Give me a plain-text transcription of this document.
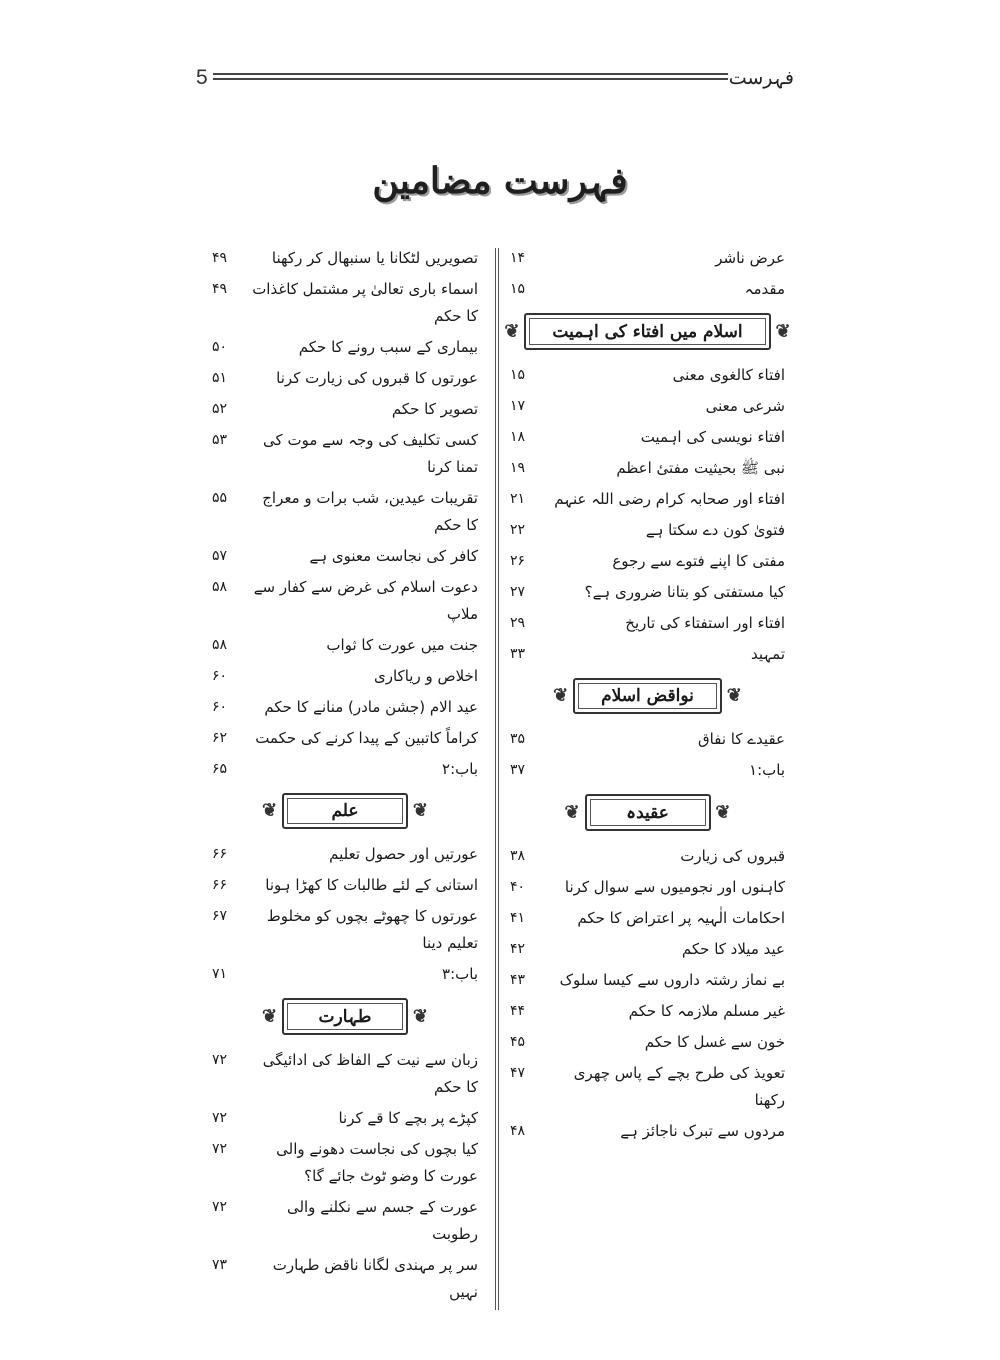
5	فہرست
فہرست مضامین
عرض ناشر
۱۴
مقدمہ
۱۵
❦
اسلام میں افتاء کی اہمیت
❦
افتاء کالغوی معنی
۱۵
شرعی معنی
۱۷
افتاء نویسی کی اہمیت
۱۸
نبی ﷺ بحیثیت مفتیٔ اعظم
۱۹
افتاء اور صحابہ کرام رضی اللہ عنہم
۲۱
فتویٰ کون دے سکتا ہے
۲۲
مفتی کا اپنے فتوے سے رجوع
۲۶
کیا مستفتی کو بتانا ضروری ہے؟
۲۷
افتاء اور استفتاء کی تاریخ
۲۹
تمہید
۳۳
❦
نواقض اسلام
❦
عقیدے کا نفاق
۳۵
باب:۱
۳۷
❦
عقیدہ
❦
قبروں کی زیارت
۳۸
کاہنوں اور نجومیوں سے سوال کرنا
۴۰
احکامات الٰہیہ پر اعتراض کا حکم
۴۱
عید میلاد کا حکم
۴۲
بے نماز رشتہ داروں سے کیسا سلوک
۴۳
غیر مسلم ملازمہ کا حکم
۴۴
خون سے غسل کا حکم
۴۵
تعویذ کی طرح بچے کے پاس چھری رکھنا
۴۷
مردوں سے تبرک ناجائز ہے
۴۸
تصویریں لٹکانا یا سنبھال کر رکھنا
۴۹
اسماء باری تعالیٰ پر مشتمل کاغذات کا حکم
۴۹
بیماری کے سبب رونے کا حکم
۵۰
عورتوں کا قبروں کی زیارت کرنا
۵۱
تصویر کا حکم
۵۲
کسی تکلیف کی وجہ سے موت کی تمنا کرنا
۵۳
تقریبات عیدین، شب برات و معراج کا حکم
۵۵
کافر کی نجاست معنوی ہے
۵۷
دعوت اسلام کی غرض سے کفار سے ملاپ
۵۸
جنت میں عورت کا ثواب
۵۸
اخلاص و ریاکاری
۶۰
عید الام (جشن مادر) منانے کا حکم
۶۰
کراماً کاتبین کے پیدا کرنے کی حکمت
۶۲
باب:۲
۶۵
❦
علم
❦
عورتیں اور حصول تعلیم
۶۶
استانی کے لئے طالبات کا کھڑا ہونا
۶۶
عورتوں کا چھوٹے بچوں کو مخلوط تعلیم دینا
۶۷
باب:۳
۷۱
❦
طہارت
❦
زبان سے نیت کے الفاظ کی ادائیگی کا حکم
۷۲
کپڑے پر بچے کا قے کرنا
۷۲
کیا بچوں کی نجاست دھونے والی عورت کا وضو ٹوٹ جائے گا؟
۷۲
عورت کے جسم سے نکلنے والی رطوبت
۷۲
سر پر مہندی لگانا ناقض طہارت نہیں
۷۳
